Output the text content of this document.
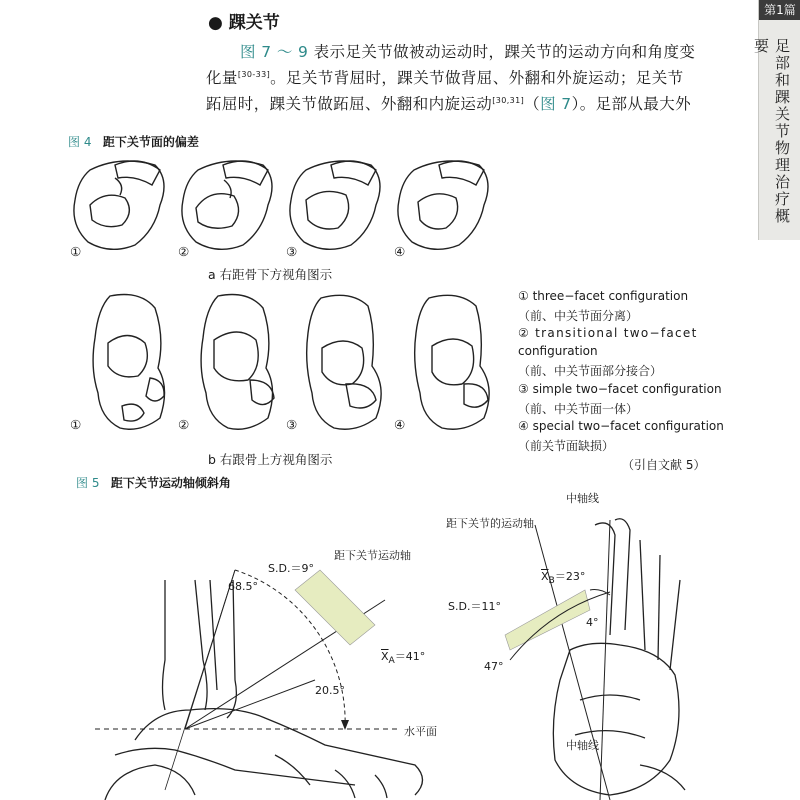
第1篇
足部和踝关节物理治疗概要
● 踝关节
图 7 ～ 9 表示足关节做被动运动时，踝关节的运动方向和角度变
化量[30-33]。足关节背屈时，踝关节做背屈、外翻和外旋运动；足关节
跖屈时，踝关节做跖屈、外翻和内旋运动[30,31]（图 7）。足部从最大外
图 4 距下关节面的偏差
①	②	③	④
a 右距骨下方视角图示
①	②	③	④
b 右跟骨上方视角图示
① three−facet configuration
（前、中关节面分离）
② transitional two−facet
configuration
（前、中关节面部分接合）
③ simple two−facet configuration
（前、中关节面一体）
④ special two−facet configuration
（前关节面缺损）
（引自文献 5）
图 5 距下关节运动轴倾斜角
S.D.＝9°
距下关节运动轴
68.5°
$\overline{X}_A=41^\circ$
20.5°
水平面
中轴线
距下关节的运动轴
$\overline{X}_B=23^\circ$
S.D.＝11°
4°
47°
中轴线
